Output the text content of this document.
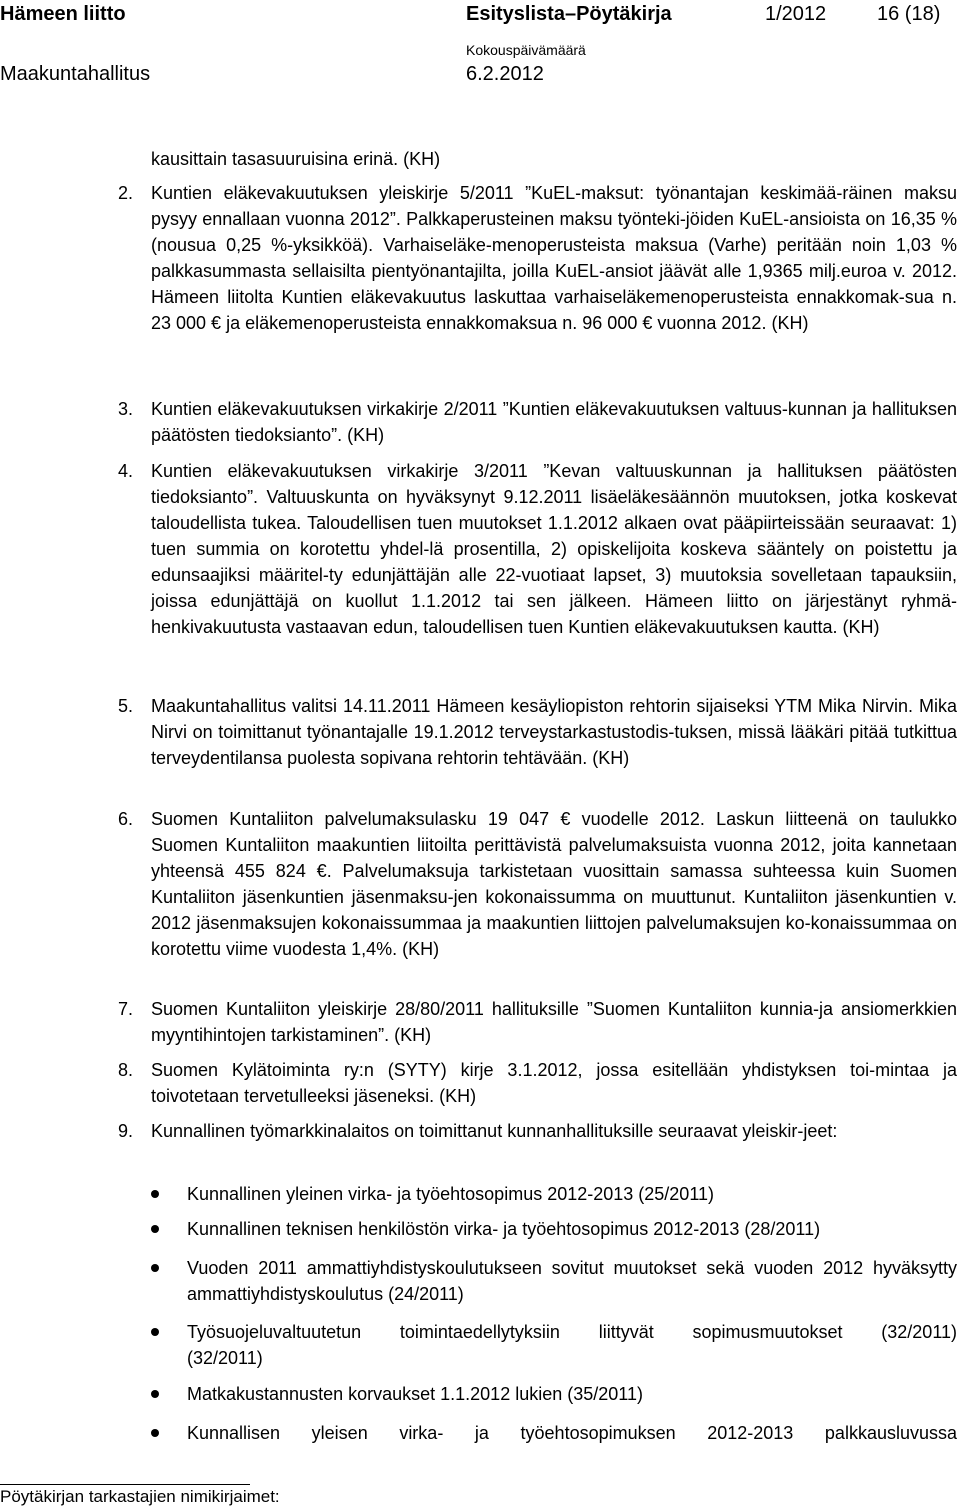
Hämeen liitto	Esityslista–Pöytäkirja	1/2012	16 (18)
Maakuntahallitus
Kokouspäivämäärä
6.2.2012
kausittain tasasuuruisina erinä. (KH)
2. Kuntien eläkevakuutuksen yleiskirje 5/2011 ”KuEL-maksut: työnantajan keskimää-räinen maksu pysyy ennallaan vuonna 2012”. Palkkaperusteinen maksu työnteki-jöiden KuEL-ansioista on 16,35 % (nousua 0,25 %-yksikköä). Varhaiseläke-menoperusteista maksua (Varhe) peritään noin 1,03 % palkkasummasta sellaisilta pientyönantajilta, joilla KuEL-ansiot jäävät alle 1,9365 milj.euroa v. 2012. Hämeen liitolta Kuntien eläkevakuutus laskuttaa varhaiseläkemenoperusteista ennakkomak-sua n. 23 000 € ja eläkemenoperusteista ennakkomaksua n. 96 000 € vuonna 2012. (KH)
3. Kuntien eläkevakuutuksen virkakirje 2/2011 ”Kuntien eläkevakuutuksen valtuus-kunnan ja hallituksen päätösten tiedoksianto”. (KH)
4. Kuntien eläkevakuutuksen virkakirje 3/2011 ”Kevan valtuuskunnan ja hallituksen päätösten tiedoksianto”. Valtuuskunta on hyväksynyt 9.12.2011 lisäeläkesäännön muutoksen, jotka koskevat taloudellista tukea. Taloudellisen tuen muutokset 1.1.2012 alkaen ovat pääpiirteissään seuraavat: 1) tuen summia on korotettu yhdel-lä prosentilla, 2) opiskelijoita koskeva sääntely on poistettu ja edunsaajiksi määritel-ty edunjättäjän alle 22-vuotiaat lapset, 3) muutoksia sovelletaan tapauksiin, joissa edunjättäjä on kuollut 1.1.2012 tai sen jälkeen. Hämeen liitto on järjestänyt ryhmä-henkivakuutusta vastaavan edun, taloudellisen tuen Kuntien eläkevakuutuksen kautta. (KH)
5. Maakuntahallitus valitsi 14.11.2011 Hämeen kesäyliopiston rehtorin sijaiseksi YTM Mika Nirvin. Mika Nirvi on toimittanut työnantajalle 19.1.2012 terveystarkastustodis-tuksen, missä lääkäri pitää tutkittua terveydentilansa puolesta sopivana rehtorin tehtävään. (KH)
6. Suomen Kuntaliiton palvelumaksulasku 19 047 € vuodelle 2012. Laskun liitteenä on taulukko Suomen Kuntaliiton maakuntien liitoilta perittävistä palvelumaksuista vuonna 2012, joita kannetaan yhteensä 455 824 €. Palvelumaksuja tarkistetaan vuosittain samassa suhteessa kuin Suomen Kuntaliiton jäsenkuntien jäsenmaksu-jen kokonaissumma on muuttunut. Kuntaliiton jäsenkuntien v. 2012 jäsenmaksujen kokonaissummaa ja maakuntien liittojen palvelumaksujen ko-konaissummaa on korotettu viime vuodesta 1,4%. (KH)
7. Suomen Kuntaliiton yleiskirje 28/80/2011 hallituksille ”Suomen Kuntaliiton kunnia-ja ansiomerkkien myyntihintojen tarkistaminen”. (KH)
8. Suomen Kylätoiminta ry:n (SYTY) kirje 3.1.2012, jossa esitellään yhdistyksen toi-mintaa ja toivotetaan tervetulleeksi jäseneksi. (KH)
9. Kunnallinen työmarkkinalaitos on toimittanut kunnanhallituksille seuraavat yleiskir-jeet:
Kunnallinen yleinen virka- ja työehtosopimus 2012-2013 (25/2011)
Kunnallinen teknisen henkilöstön virka- ja työehtosopimus 2012-2013 (28/2011)
Vuoden 2011 ammattiyhdistyskoulutukseen sovitut muutokset sekä vuoden 2012 hyväksytty ammattiyhdistyskoulutus (24/2011)
Työsuojeluvaltuutetun toimintaedellytyksiin liittyvät sopimusmuutokset (32/2011)
(32/2011)
Matkakustannusten korvaukset 1.1.2012 lukien (35/2011)
Kunnallisen yleisen virka- ja työehtosopimuksen 2012-2013 palkkausluvussa
Pöytäkirjan tarkastajien nimikirjaimet:
